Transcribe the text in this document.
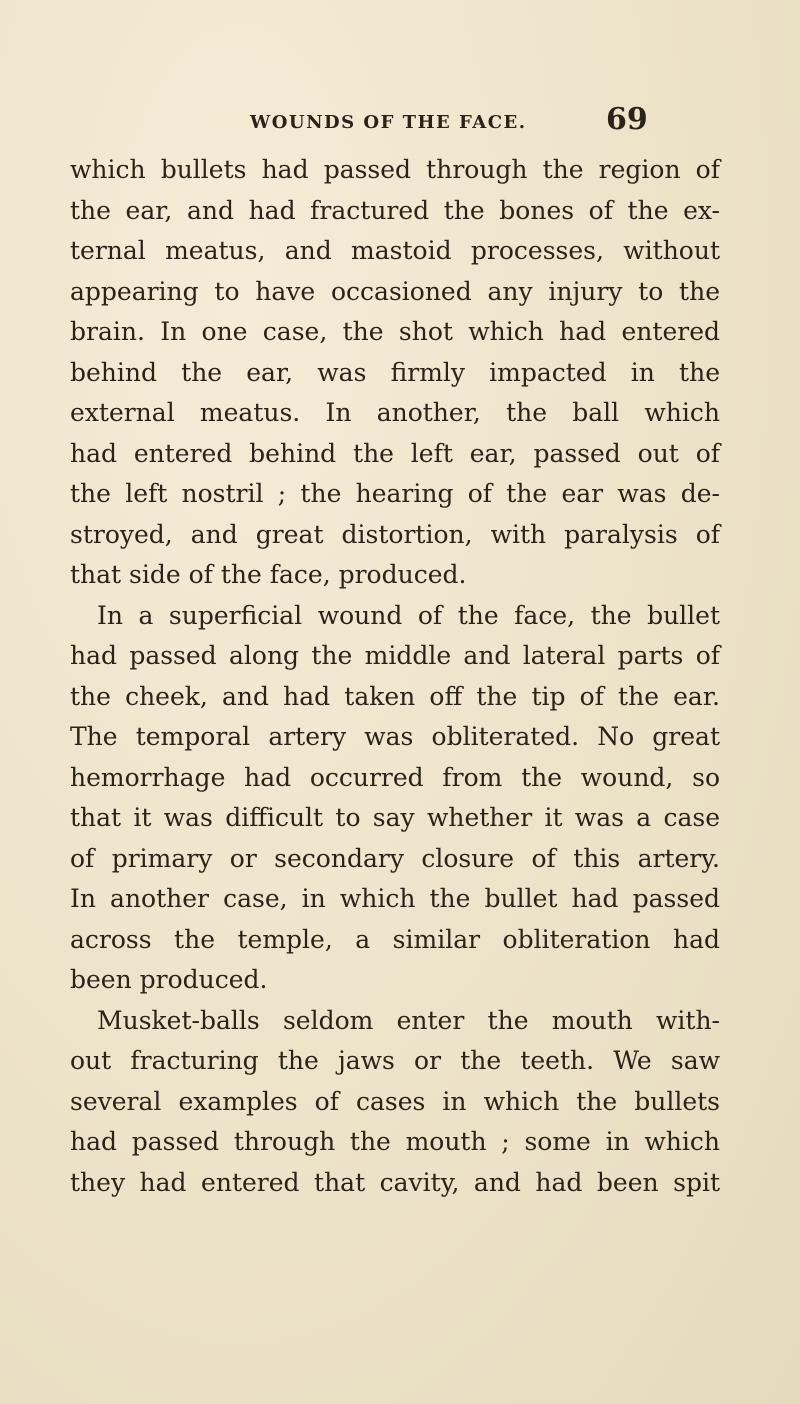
WOUNDS OF THE FACE.	69
which bullets had passed through the region of
the ear, and had fractured the bones of the ex-
ternal meatus, and mastoid processes, without
appearing to have occasioned any injury to the
brain. In one case, the shot which had entered
behind the ear, was firmly impacted in the
external meatus. In another, the ball which
had entered behind the left ear, passed out of
the left nostril ; the hearing of the ear was de-
stroyed, and great distortion, with paralysis of
that side of the face, produced.
In a superficial wound of the face, the bullet
had passed along the middle and lateral parts of
the cheek, and had taken off the tip of the ear.
The temporal artery was obliterated. No great
hemorrhage had occurred from the wound, so
that it was difficult to say whether it was a case
of primary or secondary closure of this artery.
In another case, in which the bullet had passed
across the temple, a similar obliteration had
been produced.
Musket-balls seldom enter the mouth with-
out fracturing the jaws or the teeth. We saw
several examples of cases in which the bullets
had passed through the mouth ; some in which
they had entered that cavity, and had been spit
